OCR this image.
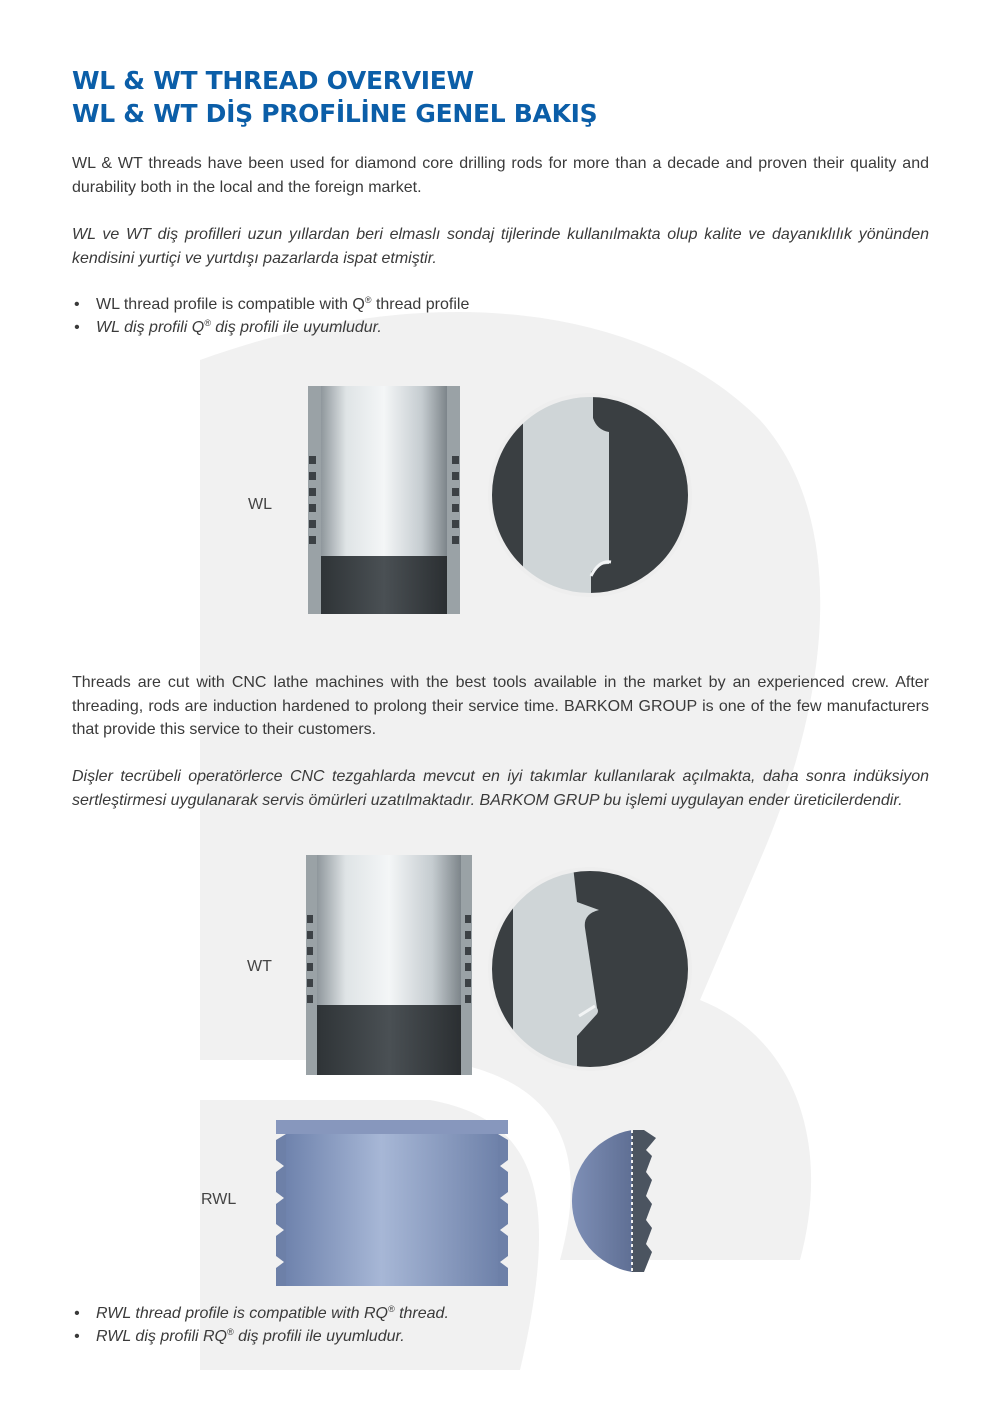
WL & WT THREAD OVERVIEW
WL & WT DİŞ PROFİLİNE GENEL BAKIŞ

WL & WT threads have been used for diamond core drilling rods for more than a decade and proven their quality and durability both in the local and the foreign market.

WL ve WT diş profilleri uzun yıllardan beri elmaslı sondaj tijlerinde kullanılmakta olup kalite ve dayanıklılık yönünden kendisini yurtiçi ve yurtdışı pazarlarda ispat etmiştir.

• WL thread profile is compatible with Q® thread profile
• WL diş profili Q® diş profili ile uyumludur.
WL

Threads are cut with CNC lathe machines with the best tools available in the market by an experienced crew. After threading, rods are induction hardened to prolong their service time. BARKOM GROUP is one of the few manufacturers that provide this service to their customers.

Dişler tecrübeli operatörlerce CNC tezgahlarda mevcut en iyi takımlar kullanılarak açılmakta, daha sonra indüksiyon sertleştirmesi uygulanarak servis ömürleri uzatılmaktadır. BARKOM GRUP bu işlemi uygulayan ender üreticilerdendir.

WT
RWL
• RWL thread profile is compatible with RQ® thread.
• RWL diş profili RQ® diş profili ile uyumludur.
